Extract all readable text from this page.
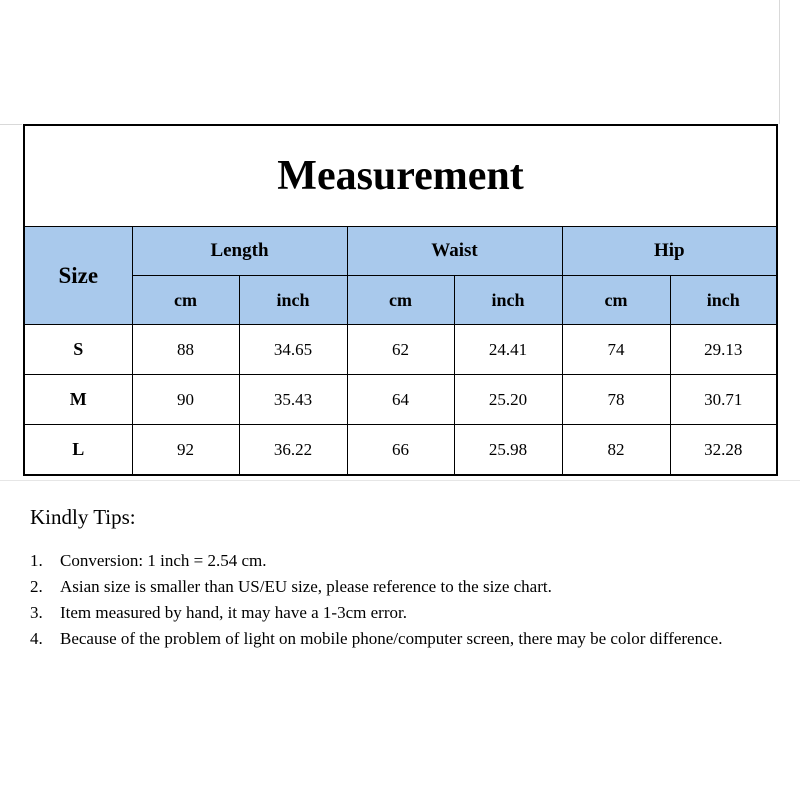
Measurement						
Size	Length		Waist		Hip	
	cm	inch	cm	inch	cm	inch
S	88	34.65	62	24.41	74	29.13
M	90	35.43	64	25.20	78	30.71
L	92	36.22	66	25.98	82	32.28

Kindly Tips:

1.	Conversion: 1 inch = 2.54 cm.
2.	Asian size is smaller than US/EU size, please reference to the size chart.
3.	Item measured by hand, it may have a 1-3cm error.
4.	Because of the problem of light on mobile phone/computer screen, there may be color difference.
